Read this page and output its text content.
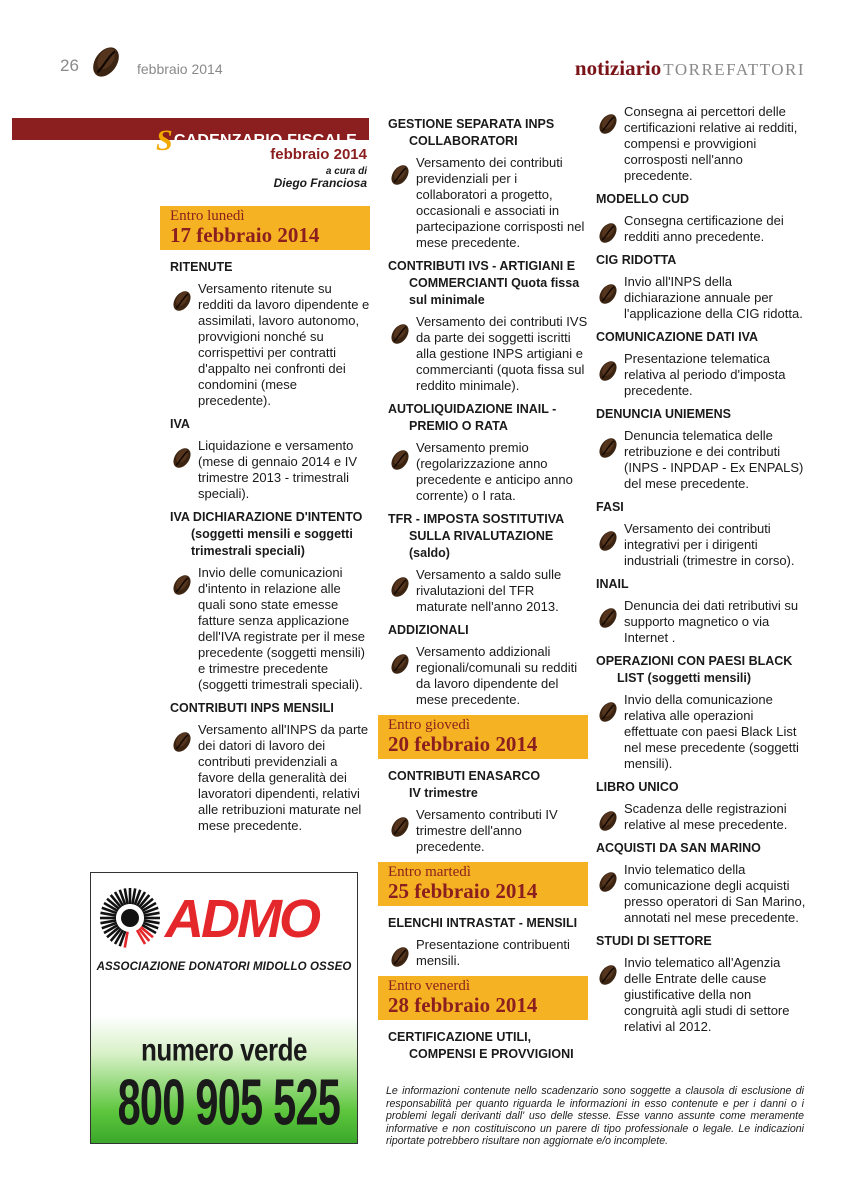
26	febbraio 2014	notiziario TORREFATTORI
SCADENZARIO FISCALE
febbraio 2014
a cura di
Diego Franciosa
Entro lunedì
17 febbraio 2014
RITENUTE
Versamento ritenute su redditi da lavoro dipendente e assimilati, lavoro autonomo, provvigioni nonché su corrispettivi per contratti d'appalto nei confronti dei condomini (mese precedente).
IVA
Liquidazione e versamento (mese di gennaio 2014 e IV trimestre 2013 - trimestrali speciali).
IVA DICHIARAZIONE D'INTENTO
(soggetti mensili e soggetti trimestrali speciali)
Invio delle comunicazioni d'intento in relazione alle quali sono state emesse fatture senza applicazione dell'IVA registrate per il mese precedente (soggetti mensili) e trimestre precedente (soggetti trimestrali speciali).
CONTRIBUTI INPS MENSILI
Versamento all'INPS da parte dei datori di lavoro dei contributi previdenziali a favore della generalità dei lavoratori dipendenti, relativi alle retribuzioni maturate nel mese precedente.
GESTIONE SEPARATA INPS
COLLABORATORI
Versamento dei contributi previdenziali per i collaboratori a progetto, occasionali e associati in partecipazione corrisposti nel mese precedente.
CONTRIBUTI IVS - ARTIGIANI E
COMMERCIANTI Quota fissa sul minimale
Versamento dei contributi IVS da parte dei soggetti iscritti alla gestione INPS artigiani e commercianti (quota fissa sul reddito minimale).
AUTOLIQUIDAZIONE INAIL -
PREMIO O RATA
Versamento premio (regolarizzazione anno precedente e anticipo anno corrente) o I rata.
TFR - IMPOSTA SOSTITUTIVA
SULLA RIVALUTAZIONE (saldo)
Versamento a saldo sulle rivalutazioni del TFR maturate nell'anno 2013.
ADDIZIONALI
Versamento addizionali regionali/comunali su redditi da lavoro dipendente del mese precedente.
Entro giovedì
20 febbraio 2014
CONTRIBUTI ENASARCO
IV trimestre
Versamento contributi IV trimestre dell'anno precedente.
Entro martedì
25 febbraio 2014
ELENCHI INTRASTAT - MENSILI
Presentazione contribuenti mensili.
Entro venerdì
28 febbraio 2014
CERTIFICAZIONE UTILI,
COMPENSI E PROVVIGIONI
Consegna ai percettori delle certificazioni relative ai redditi, compensi e provvigioni corrosposti nell'anno precedente.
MODELLO CUD
Consegna certificazione dei redditi anno precedente.
CIG RIDOTTA
Invio all'INPS della dichiarazione annuale per l'applicazione della CIG ridotta.
COMUNICAZIONE DATI IVA
Presentazione telematica relativa al periodo d'imposta precedente.
DENUNCIA UNIEMENS
Denuncia telematica delle retribuzione e dei contributi (INPS - INPDAP - Ex ENPALS) del mese precedente.
FASI
Versamento dei contributi integrativi per i dirigenti industriali (trimestre in corso).
INAIL
Denuncia dei dati retributivi su supporto magnetico o via Internet .
OPERAZIONI CON PAESI BLACK
LIST (soggetti mensili)
Invio della comunicazione relativa alle operazioni effettuate con paesi Black List nel mese precedente (soggetti mensili).
LIBRO UNICO
Scadenza delle registrazioni relative al mese precedente.
ACQUISTI DA SAN MARINO
Invio telematico della comunicazione degli acquisti presso operatori di San Marino, annotati nel mese precedente.
STUDI DI SETTORE
Invio telematico all'Agenzia delle Entrate delle cause giustificative della non congruità agli studi di settore relativi al 2012.
ADMO
ASSOCIAZIONE DONATORI MIDOLLO OSSEO
numero verde
800 905 525	Le informazioni contenute nello scadenzario sono soggette a clausola di esclusione di responsabilità per quanto riguarda le informazioni in esso contenute e per i danni o i problemi legali derivanti dall' uso delle stesse. Esse vanno assunte come meramente informative e non costituiscono un parere di tipo professionale o legale. Le indicazioni riportate potrebbero risultare non aggiornate e/o incomplete.
